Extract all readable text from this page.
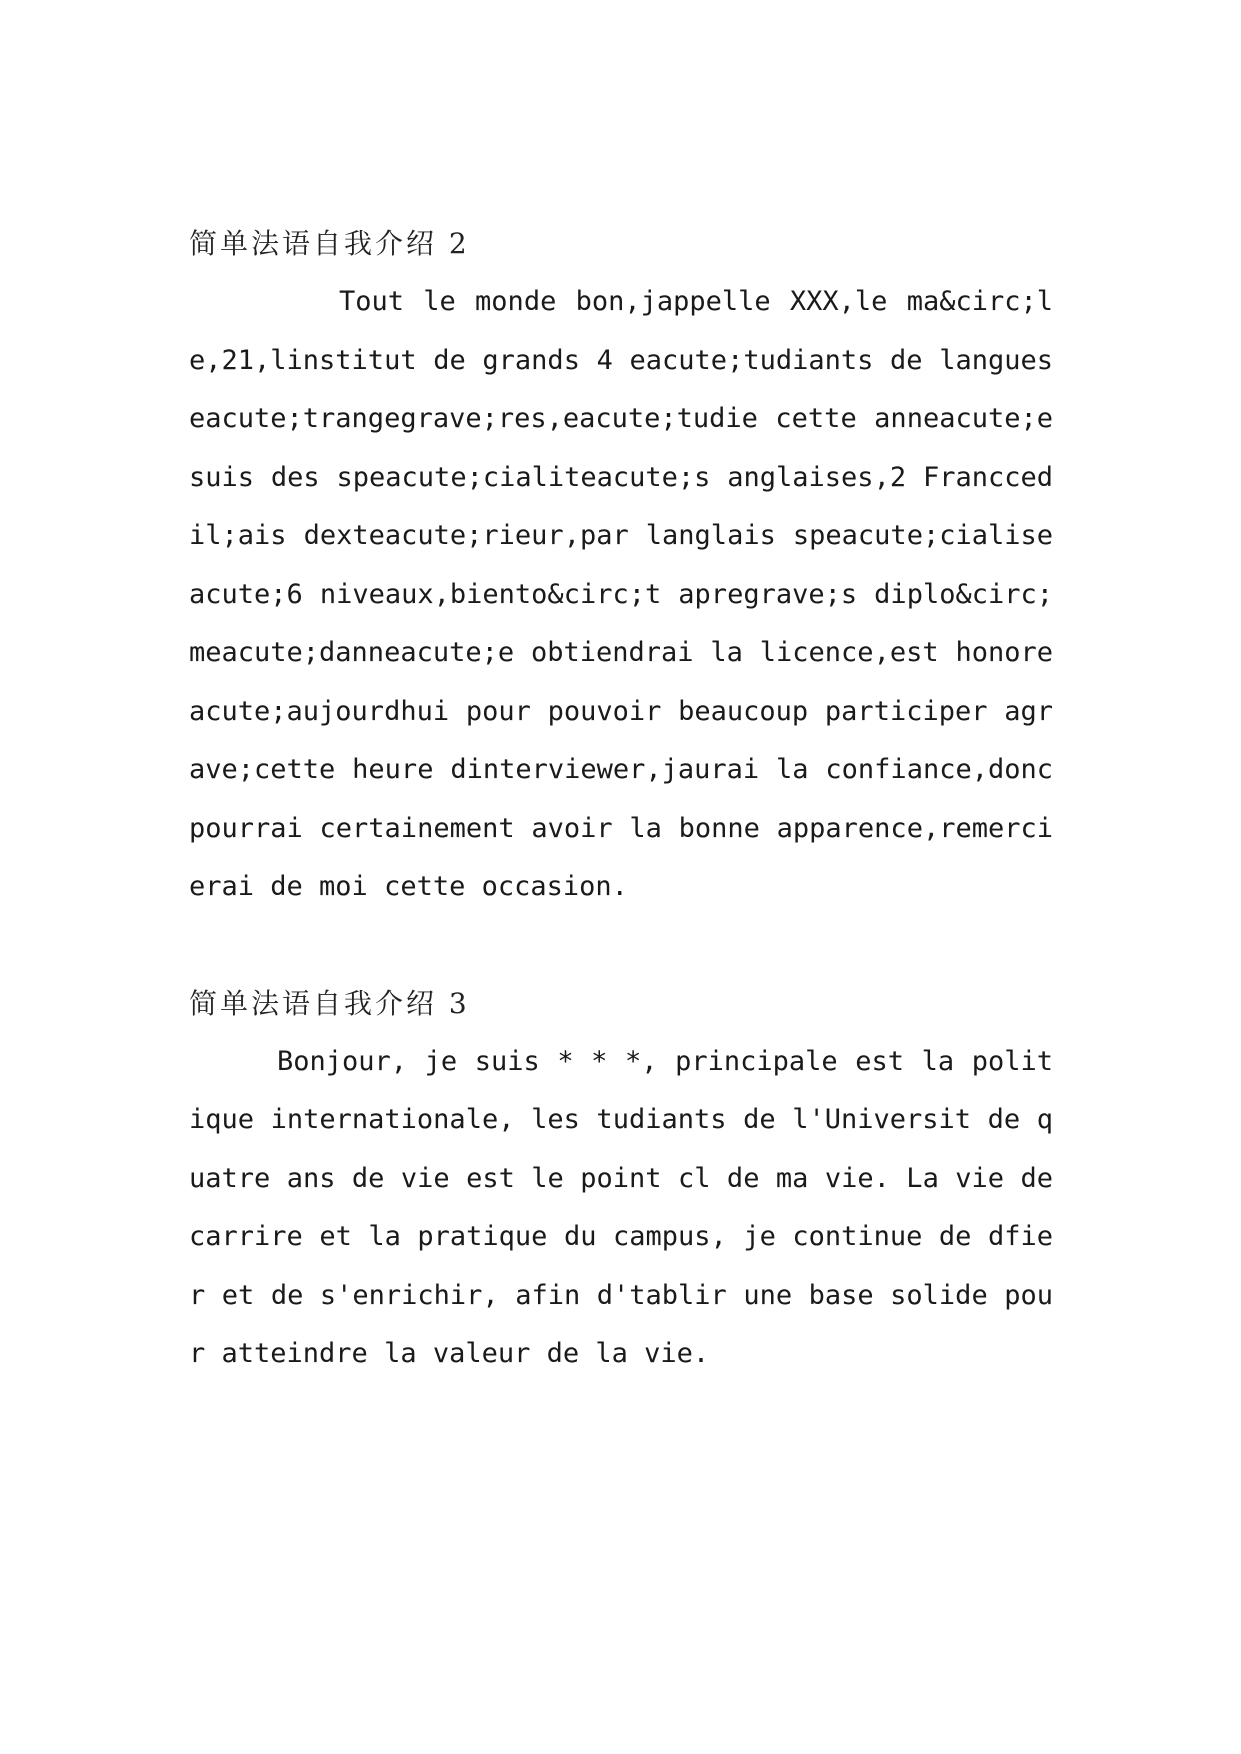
简单法语自我介绍 2

Tout le monde bon,jappelle XXX,le ma&circ;le,21,linstitut de grands 4 eacute;tudiants de langues eacute;trangegrave;res,eacute;tudie cette anneacute;e suis des speacute;cialiteacute;s anglaises,2 Franccedil;ais dexteacute;rieur,par langlais speacute;cialiseacute;6 niveaux,biento&circ;t apregrave;s diplo&circ;meacute;danneacute;e obtiendrai la licence,est honoreacute;aujourdhui pour pouvoir beaucoup participer agrave;cette heure dinterviewer,jaurai la confiance,donc pourrai certainement avoir la bonne apparence,remercierai de moi cette occasion.

简单法语自我介绍 3

Bonjour, je suis * * *, principale est la politique internationale, les tudiants de l'Universit de quatre ans de vie est le point cl de ma vie. La vie de carrire et la pratique du campus, je continue de dfier et de s'enrichir, afin d'tablir une base solide pour atteindre la valeur de la vie.
